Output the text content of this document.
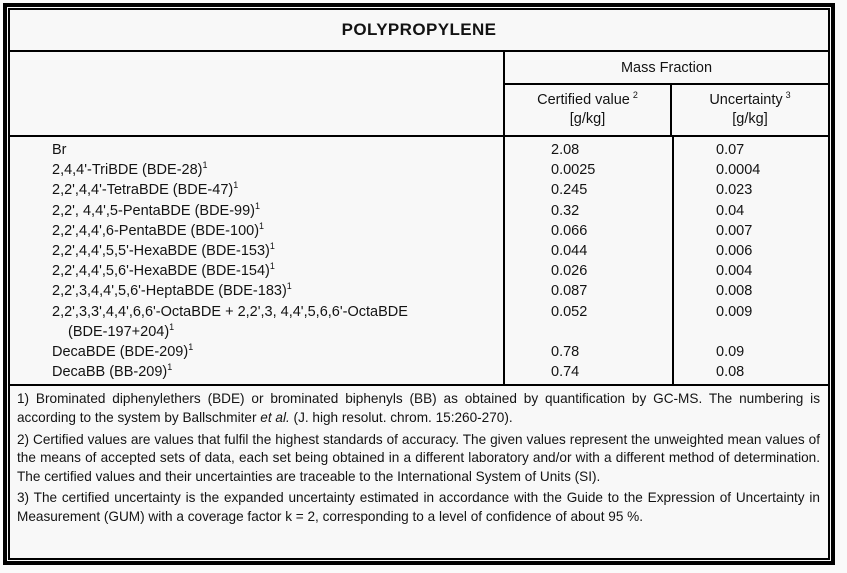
POLYPROPYLENE
Mass Fraction
Certified value $^2$
[g/kg]
Uncertainty $^3$
[g/kg]
Br
2,4,4'-TriBDE $(BDE-28)^1$
2,2',4,4'-TetraBDE $(BDE-47)^1$
2,2', 4,4',5-PentaBDE $(BDE-99)^1$
2,2',4,4',6-PentaBDE $(BDE-100)^1$
2,2',4,4',5,5'-HexaBDE $(BDE-153)^1$
2,2',4,4',5,6'-HexaBDE $(BDE-154)^1$
2,2',3,4,4',5,6'-HeptaBDE $(BDE-183)^1$
2,2',3,3',4,4',6,6'-OctaBDE + 2,2',3, 4,4',5,6,6'-OctaBDE
$(BDE-197+204)^1$
DecaBDE $(BDE-209)^1$
DecaBB $(BB-209)^1$
2.08
0.0025
0.245
0.32
0.066
0.044
0.026
0.087
0.052

0.78
0.74
0.07
0.0004
0.023
0.04
0.007
0.006
0.004
0.008
0.009

0.09
0.08

1) Brominated diphenylethers (BDE) or brominated biphenyls (BB) as obtained by quantification by GC-MS. The numbering is according to the system by Ballschmiter et al. (J. high resolut. chrom. 15:260-270).

2) Certified values are values that fulfil the highest standards of accuracy. The given values represent the unweighted mean values of the means of accepted sets of data, each set being obtained in a different laboratory and/or with a different method of determination. The certified values and their uncertainties are traceable to the International System of Units (SI).

3) The certified uncertainty is the expanded uncertainty estimated in accordance with the Guide to the Expression of Uncertainty in Measurement (GUM) with a coverage factor k = 2, corresponding to a level of confidence of about 95 %.
